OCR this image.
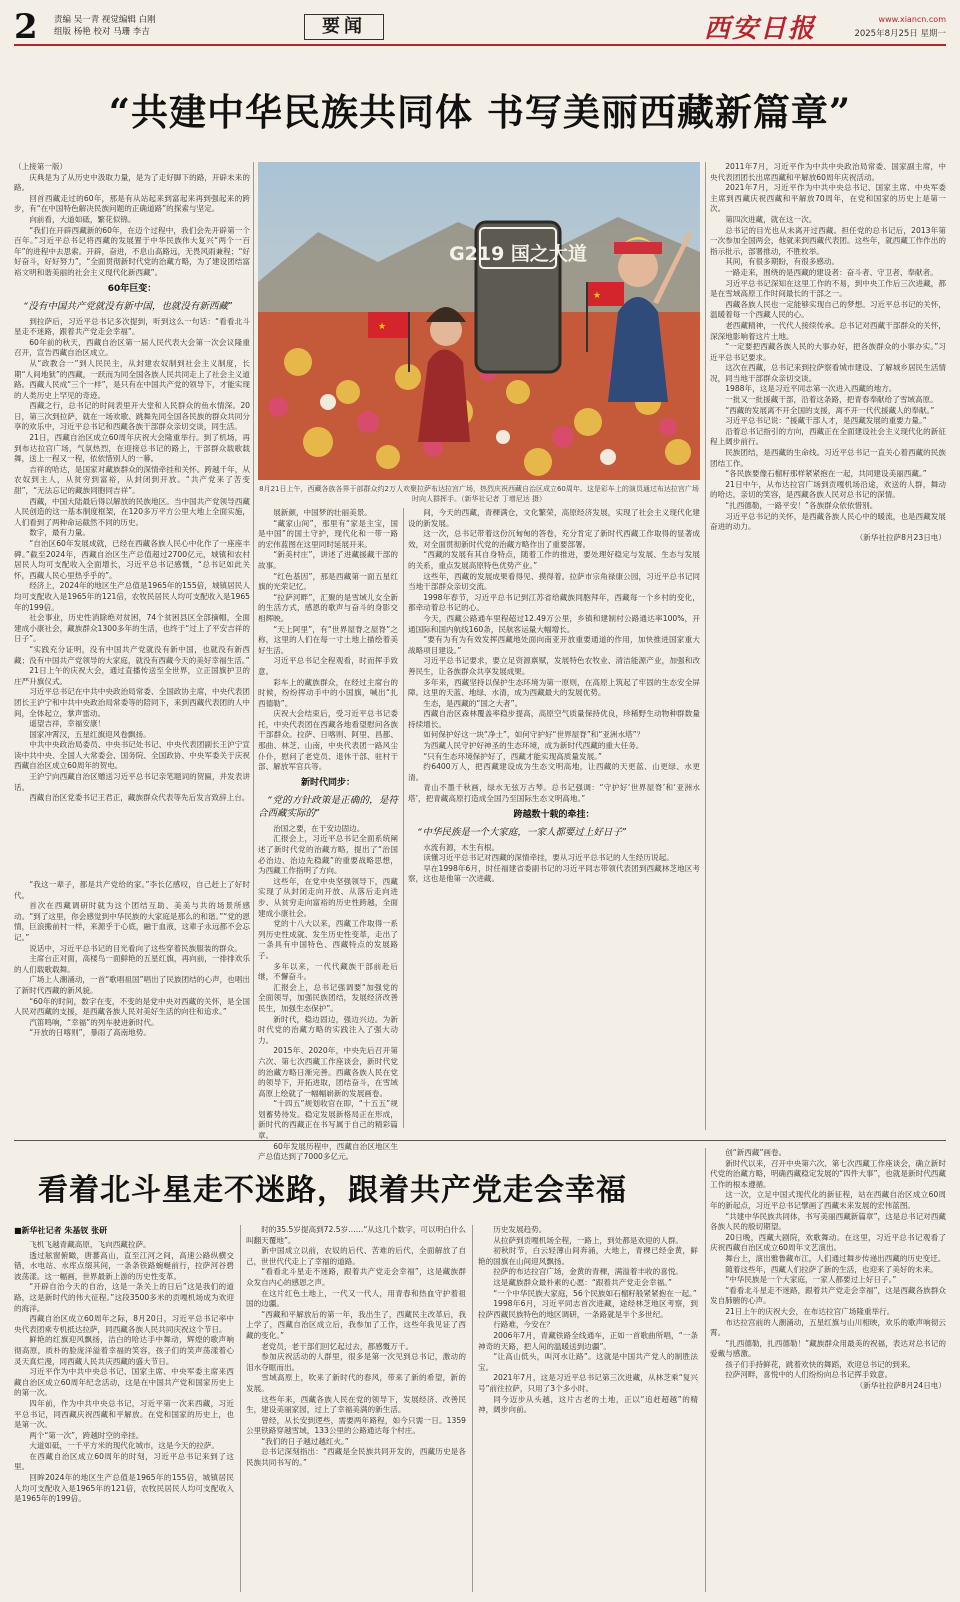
2 责编 吴一青 视觉编辑 白刚
组版 杨艳 校对 马珊 李吉	要闻	西安日报	www.xiancn.com
2025年8月25日 星期一
“共建中华民族共同体 书写美丽西藏新篇章”

（上接第一版）

庆典是为了从历史中汲取力量，是为了走好脚下的路，开辟未来的路。

回首西藏走过的60年，那是有从站起来到富起来再到强起来的跨步，有“在中国特色解决民族问题的正确道路”的探索与坚定。

向前看，大道如砥，繁花似锦。

“我们在开辟西藏新的60年，在迈个过程中，我们会先开辟第一个百年。”习近平总书记将西藏的发展置于中华民族伟大复兴“两个一百年”的进程中去思索。开辟，奋进，不息山高路远，无畏风雨兼程；“好好奋斗，好好努力”，“全面贯彻新时代党的治藏方略，为了建设团结富裕文明和谐美丽的社会主义现代化新西藏”。

60年巨变：
“没有中国共产党就没有新中国，也就没有新西藏”

到拉萨后，习近平总书记多次提到，听到这么一句话：“看看北斗星走不迷路，跟着共产党走会幸福”。

60年前的秋天，西藏自治区第一届人民代表大会第一次会议隆重召开，宣告西藏自治区成立。

从“政教合一”到人民民主，从封建农奴制到社会主义制度，长期“人间地狱”的西藏，一跃而为同全国各族人民共同走上了社会主义道路。西藏人民成“三个一样”，是只有在中国共产党的领导下，才能实现的人类历史上罕见的奇迹。

西藏之行，总书记的时间表里开大堂和人民群众的鱼水情深。20日，第三次到拉萨，就在一场欢歌、跳舞先同全国各民族的群众共同分享的欢乐中，习近平总书记和西藏各族干部群众亲切交谈，同生活。

21日，西藏自治区成立60周年庆祝大会隆重举行。到了机场，再到布达拉宫广场，气氛热烈，在迎接总书记的路上，干部群众载歌载舞，送上一程又一程，依依惜别人的一幕。

吉祥的哈达，是国家对藏族群众的深情牵挂和关怀。跨越千年，从农奴到主人，从贫穷到富裕，从封闭到开放。“共产党来了苦变甜”，“无法忘记的藏族同胞同吉祥”。

西藏，中国大陆最后得以解放的民族地区。当中国共产党领导西藏人民创造的这一基本制度框架，在120多万平方公里大地上全面实施，人们看到了两种命运截然不同的历史。

数字，最有力量。

“自治区60年发展成就，已经在西藏各族人民心中化作了一座座丰碑。”截至2024年，西藏自治区生产总值超过2700亿元，城镇和农村居民人均可支配收入全面增长，习近平总书记感慨，“总书记如此关怀，西藏人民心里热乎乎的”。

经济上，2024年的地区生产总值是1965年的155倍，城镇居民人均可支配收入是1965年的121倍，农牧民居民人均可支配收入是1965年的199倍。

社会事业，历史性消除绝对贫困，74个贫困县区全部摘帽，全面建成小康社会，藏族群众1300多年的生活，也终于“过上了平安吉祥的日子”。

“实践充分证明，没有中国共产党就没有新中国，也就没有新西藏；没有中国共产党领导的大家庭，就没有西藏今天的美好幸福生活。”

21日上午的庆祝大会，通过直播传送至全世界，立正国旗护卫的庄严升旗仪式。

习近平总书记在中共中央政治局常委、全国政协主席，中央代表团团长王沪宁和中共中央政治局常委等的陪同下，来到西藏代表团的人中间，全体起立，掌声雷动。

遥望吉祥，幸福安康！

国家冲霄汉，五星红旗迎风卷飘扬。

中共中央政治局委员、中央书记处书记、中央代表团副长王沪宁宣读中共中央、全国人大常委会、国务院、全国政协、中央军委关于庆祝西藏自治区成立60周年的贺电。

王沪宁向西藏自治区赠送习近平总书记亲笔题词的贺匾，并发表讲话。

西藏自治区党委书记王君正，藏族群众代表等先后发言致辞上台。

“我这一辈子，都是共产党给的家。”李长亿感叹，自己赶上了好时代。

首次在西藏调研时就为这个团结互助、美美与共的场景所感动。“到了这里，你会感觉到中华民族的大家庭是那么的和谐。”“党的恩情，巨浪搬前村一样，来源乎于心底，融于血液，这辈子永远都不会忘记。”

说话中，习近平总书记的目光看向了这些穿着民族服装的群众。

主席台正对面，高楼鸟一面鲜艳的五星红旗，再向前，一排排欢乐的人们载歌载舞。

广场上人潮涌动，一首“歌唱祖国”唱出了民族团结的心声，也唱出了新时代西藏的新风貌。

“60年的时间，数字在变，不变的是党中央对西藏的关怀，是全国人民对西藏的支援，是西藏各族人民对美好生活的向往和追求。”

汽笛鸣响，“幸福”的列车驶进新时代。

“开放的日喀则”，暴雨了高南地势。

G219 国之大道
★
★
8月21日上午，西藏各族各界干部群众约2万人欢聚拉萨布达拉宫广场，热烈庆祝西藏自治区成立60周年。这是彩车上的演员通过布达拉宫广场时向人群挥手。（新华社记者 丁增尼达 摄）

展新颜，中国梦的壮丽美景。

“藏家山间”，那里有“家是主宝，国是中国”的国土守护，现代化和一带一路的宏伟蓝图在这里同时延展开来。

“新美村庄”，讲述了进藏援藏干部的故事。

“红色基因”，那是西藏第一面五星红旗的光荣记忆。

“拉萨河畔”，汇聚的是雪域儿女全新的生活方式，感恩的歌声与奋斗的身影交相辉映。

“天上阿里”，有“世界屋脊之屋脊”之称，这里的人们在每一寸土地上描绘着美好生活。

习近平总书记全程观看，时而挥手致意。

彩车上的藏族群众，在经过主席台的时候，纷纷挥动手中的小国旗，喊出“扎西德勒”。

庆祝大会结束后，受习近平总书记委托，中央代表团在西藏各地看望慰问各族干部群众。拉萨、日喀则、阿里、昌都、那曲、林芝、山南，中央代表团一路风尘仆仆，慰问了老党员、退休干部、驻村干部、解放军官兵等。

新时代同步：
“党的方针政策是正确的，是符合西藏实际的”

治国之要，在于安边固边。

汇报会上，习近平总书记全面系统阐述了新时代党的治藏方略，提出了“治国必治边、治边先稳藏”的重要战略思想，为西藏工作指明了方向。

这些年，在党中央坚强领导下，西藏实现了从封闭走向开放、从落后走向进步、从贫穷走向富裕的历史性跨越，全面建成小康社会。

党的十八大以来，西藏工作取得一系列历史性成就、发生历史性变革，走出了一条具有中国特色、西藏特点的发展路子。

多年以来，一代代藏族干部前赴后继，不懈奋斗。

汇报会上，总书记强调要“加强党的全面领导，加强民族团结，发展经济改善民生，加强生态保护”。

新时代，稳边固边，强边兴边。为新时代党的治藏方略的实践注入了强大动力。

2015年、2020年，中央先后召开第六次、第七次西藏工作座谈会，新时代党的治藏方略日渐完善。西藏各族人民在党的领导下，开拓进取，团结奋斗，在雪域高原上绘就了一幅幅崭新的发展画卷。

“十四五”规划收官在即，“十五五”规划蓄势待发。稳定发展新格局正在形成，新时代的西藏正在书写属于自己的精彩篇章。

60年发展历程中，西藏自治区地区生产总值达到了7000多亿元。

间，今天的西藏，青稞满仓，文化繁荣，高原经济发展，实现了社会主义现代化建设的新发展。

这一次，总书记带着这份沉甸甸的答卷，充分肯定了新时代西藏工作取得的显著成效，对全面贯彻新时代党的治藏方略作出了重要部署。

“西藏的发展有其自身特点，随着工作的推进，要处理好稳定与发展、生态与发展的关系，重点发展高原特色优势产业。”

这些年，西藏的发展成果看得见、摸得着。拉萨市宗角禄康公园，习近平总书记同当地干部群众亲切交流。

1998年春节，习近平总书记到江苏省给藏族同胞拜年，西藏每一个乡村的变化，都牵动着总书记的心。

今天，西藏公路通车里程超过12.49万公里，乡镇和建制村公路通达率100%，开通国际和国内航线160条，民航客运量大幅增长。

“要有为有为有效发挥西藏地处面向南亚开放重要通道的作用，加快推进国家重大战略项目建设。”

习近平总书记要求，要立足资源禀赋，发展特色农牧业、清洁能源产业，加强和改善民生，让各族群众共享发展成果。

多年来，西藏坚持以保护生态环境为第一原则，在高原上筑起了牢固的生态安全屏障。这里的天蓝、地绿、水清，成为西藏最大的发展优势。

生态，是西藏的“国之大者”。

西藏自治区森林覆盖率稳步提高，高原空气质量保持优良，珍稀野生动物种群数量持续增长。

如何保护好这一块“净土”，如何守护好“世界屋脊”和“亚洲水塔”？

为西藏人民守护好神圣的生态环境，成为新时代西藏的重大任务。

“只有生态环境保护好了，西藏才能实现高质量发展。”

约6400万人，把西藏建设成为生态文明高地，让西藏的天更蓝、山更绿、水更清。

青山不墨千秋画，绿水无弦万古琴。总书记强调：“守护好‘世界屋脊’和‘亚洲水塔’，把青藏高原打造成全国乃至国际生态文明高地。”

跨越数十载的牵挂：
“中华民族是一个大家庭，一家人都要过上好日子”

水流有源，木生有根。

读懂习近平总书记对西藏的深情牵挂，要从习近平总书记的人生经历说起。

早在1998年6月，时任福建省委副书记的习近平同志带领代表团到西藏林芝地区考察，这也是他第一次进藏。

2011年7月，习近平作为中共中央政治局常委、国家副主席，中央代表团团长出席西藏和平解放60周年庆祝活动。

2021年7月，习近平作为中共中央总书记、国家主席、中央军委主席到西藏庆祝西藏和平解放70周年，在党和国家的历史上是第一次。

第四次进藏，就在这一次。

总书记的目光也从未离开过西藏。担任党的总书记后，2013年第一次参加全国两会，他就来到西藏代表团。这些年，就西藏工作作出的指示批示，部署推动，不胜枚举。

其间，有很多期盼，有很多感动。

一路走来，围绕的是西藏的建设者：奋斗者、守卫者、奉献者。

习近平总书记深知在这里工作的不易，到中央工作后三次进藏，都是在雪域高原工作时间最长的干部之一。

西藏各族人民也一定能够实现自己的梦想。习近平总书记的关怀，温暖着每一个西藏人民的心。

老西藏精神，一代代人接续传承。总书记对西藏干部群众的关怀，深深地影响着这片土地。

“一定要把西藏各族人民的大事办好，把各族群众的小事办实。”习近平总书记要求。

这次在西藏，总书记来到拉萨察看城市建设、了解城乡居民生活情况，同当地干部群众亲切交谈。

1988年，这是习近平同志第一次进入西藏的地方。

一批又一批援藏干部，沿着这条路，把青春奉献给了雪域高原。

“西藏的发展离不开全国的支援，离不开一代代援藏人的奉献。”

习近平总书记说：“援藏干部人才，是西藏发展的重要力量。”

沿着总书记指引的方向，西藏正在全面建设社会主义现代化的新征程上阔步前行。

民族团结，是西藏的生命线。习近平总书记一直关心着西藏的民族团结工作。

“各民族要像石榴籽那样紧紧抱在一起，共同建设美丽西藏。”

21日中午，从布达拉宫广场到贡嘎机场沿途，欢送的人群，舞动的哈达，亲切的笑容，是西藏各族人民对总书记的深情。

“扎西德勒，一路平安！”各族群众依依惜别。

习近平总书记的关怀，是西藏各族人民心中的暖流，也是西藏发展奋进的动力。

（新华社拉萨8月23日电）

看着北斗星走不迷路，跟着共产党走会幸福
■新华社记者 朱基钗 张研

飞机飞越青藏高原，飞向西藏拉萨。

透过舷窗俯瞰，唐蕃高山，直至江河之间，高速公路纵横交错，水电站、水库点缀其间，一条条铁路蜿蜒前行，拉萨河谷碧波荡漾。这一幅画，世界最新上游的历史性变革。

“开辟自治今天的自治，这是一条关上的日后”这是我们的道路，这是新时代的伟大征程。”这段3500多米的贡嘎机场成为欢迎的海洋。

西藏自治区成立60周年之际，8月20日，习近平总书记率中央代表团乘专机抵达拉萨，同西藏各族人民共同庆祝这个节日。

鲜艳的红旗迎风飘扬，洁白的哈达手中舞动，辉煌的歌声响彻高原，质朴的脸庞洋溢着幸福的笑容，孩子们的笑声荡漾着心灵天真烂漫，同西藏人民共庆西藏的盛大节日。

习近平作为中共中央总书记、国家主席、中央军委主席来西藏自治区成立60周年纪念活动，这是在中国共产党和国家历史上的第一次。

四年前，作为中共中央总书记，习近平第一次来西藏，习近平总书记，同西藏庆祝西藏和平解放。在党和国家的历史上，也是第一次。

两个“第一次”，跨越时空的牵挂。

大道如砥，一千平方米的现代化城市，这是今天的拉萨。

在西藏自治区成立60周年的时刻，习近平总书记来到了这里。

回眸2024年的地区生产总值是1965年的155倍，城镇居民人均可支配收入是1965年的121倍，农牧民居民人均可支配收入是1965年的199倍。

时的35.5岁提高到72.5岁……“从这几个数字，可以明白什么叫翻天覆地”。

新中国成立以前，农奴的后代、苦难的后代，全面解放了自己，世世代代走上了幸福的道路。

“看看北斗星走不迷路，跟着共产党走会幸福”，这是藏族群众发自内心的感恩之声。

在这片红色土地上，一代又一代人，用青春和热血守护着祖国的边疆。

“西藏和平解放后的第一年，我出生了，西藏民主改革后，我上学了，西藏自治区成立后，我参加了工作，这些年我见证了西藏的变化。”

老党员，老干部们回忆起过去，都感慨万千。

参加庆祝活动的人群里，很多是第一次见到总书记，激动的泪水夺眶而出。

雪域高原上，吹来了新时代的春风，带来了新的希望，新的发展。

这些年来，西藏各族人民在党的领导下，发展经济、改善民生，建设美丽家园，过上了幸福美满的新生活。

曾经，从长安到逻些，需要两年路程，如今只需一日。1359公里铁路穿越雪域，133公里的公路通达每个村庄。

“我们的日子越过越红火。”

总书记深刻指出：“西藏是全民族共同开发的，西藏历史是各民族共同书写的。”

历史发展趋势。

从拉萨到贡嘎机场全程，一路上，到处都是欢迎的人群。

初秋时节，白云轻薄山间奔涌，大地上，青稞已经金黄，鲜艳的国旗在山间迎风飘扬。

拉萨的布达拉宫广场，金黄的青稞，满溢着丰收的喜悦。

这是藏族群众最朴素的心愿：“跟着共产党走会幸福。”

“一个中华民族大家庭，56个民族如石榴籽般紧紧抱在一起。”

1998年6月，习近平同志首次进藏，途经林芝地区考察，到拉萨西藏民族特色的地区调研，一条路就是半个多世纪。

行路难，今安在？

2006年7月，青藏铁路全线通车，正如一首歌曲所唱，“一条神奇的天路，把人间的温暖送到边疆”。

“让高山低头，叫河水让路”。这就是中国共产党人的制胜法宝。

2021年7月，这是习近平总书记第三次进藏，从林芝乘“复兴号”前往拉萨，只用了3个多小时。

同今迈步从头越，这片古老的土地，正以“追赶超越”的精神，阔步向前。

创“新西藏”画卷。

新时代以来，召开中央第六次、第七次西藏工作座谈会，确立新时代党的治藏方略，明确西藏稳定发展的“四件大事”，也就是新时代西藏工作的根本遵循。

这一次，立足中国式现代化的新征程，站在西藏自治区成立60周年的新起点，习近平总书记擘画了西藏未来发展的宏伟蓝图。

“共建中华民族共同体，书写美丽西藏新篇章”，这是总书记对西藏各族人民的殷切期望。

20日晚，西藏大剧院，欢歌舞动。在这里，习近平总书记观看了庆祝西藏自治区成立60周年文艺演出。

舞台上，演出雅鲁藏布江，人们通过舞步传递出西藏的历史变迁。

随着这些年，西藏人们拉萨了新的生活，也迎来了美好的未来。

“中华民族是一个大家庭，一家人都要过上好日子。”

“看看北斗星走不迷路，跟着共产党走会幸福”，这是西藏各族群众发自肺腑的心声。

21日上午的庆祝大会，在布达拉宫广场隆重举行。

布达拉宫前的人潮涌动，五星红旗与山川相映，欢乐的歌声响彻云霄。

“扎西德勒，扎西德勒！”藏族群众用最美的祝福，表达对总书记的爱戴与感激。

孩子们手持鲜花，跳着欢快的舞蹈，欢迎总书记的到来。

拉萨河畔，喜悦中的人们纷纷向总书记挥手致意。

（新华社拉萨8月24日电）
